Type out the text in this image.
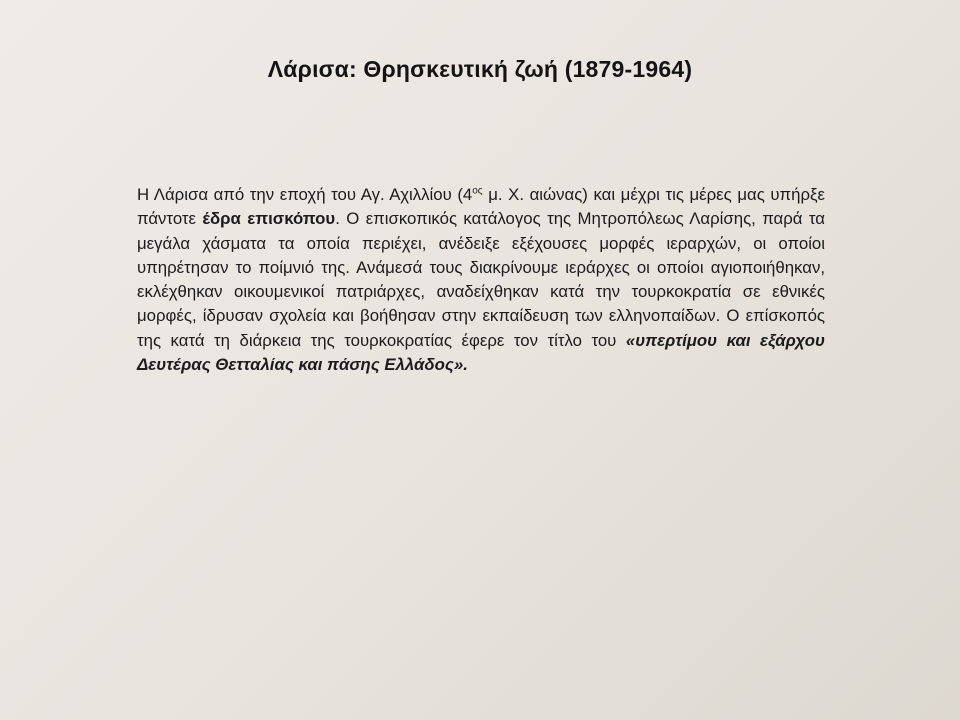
Λάρισα: Θρησκευτική ζωή (1879-1964)
Η Λάρισα από την εποχή του Αγ. Αχιλλίου ($4^{o\varsigma}$ μ. Χ. αιώνας) και μέχρι τις μέρες μας υπήρξε πάντοτε έδρα επισκόπου. Ο επισκοπικός κατάλογος της Μητροπόλεως Λαρίσης, παρά τα μεγάλα χάσματα τα οποία περιέχει, ανέδειξε εξέχουσες μορφές ιεραρχών, οι οποίοι υπηρέτησαν το ποίμνιό της. Ανάμεσά τους διακρίνουμε ιεράρχες οι οποίοι αγιοποιήθηκαν, εκλέχθηκαν οικουμενικοί πατριάρχες, αναδείχθηκαν κατά την τουρκοκρατία σε εθνικές μορφές, ίδρυσαν σχολεία και βοήθησαν στην εκπαίδευση των ελληνοπαίδων. Ο επίσκοπός της κατά τη διάρκεια της τουρκοκρατίας έφερε τον τίτλο του «υπερτίμου και εξάρχου Δευτέρας Θετταλίας και πάσης Ελλάδος».
